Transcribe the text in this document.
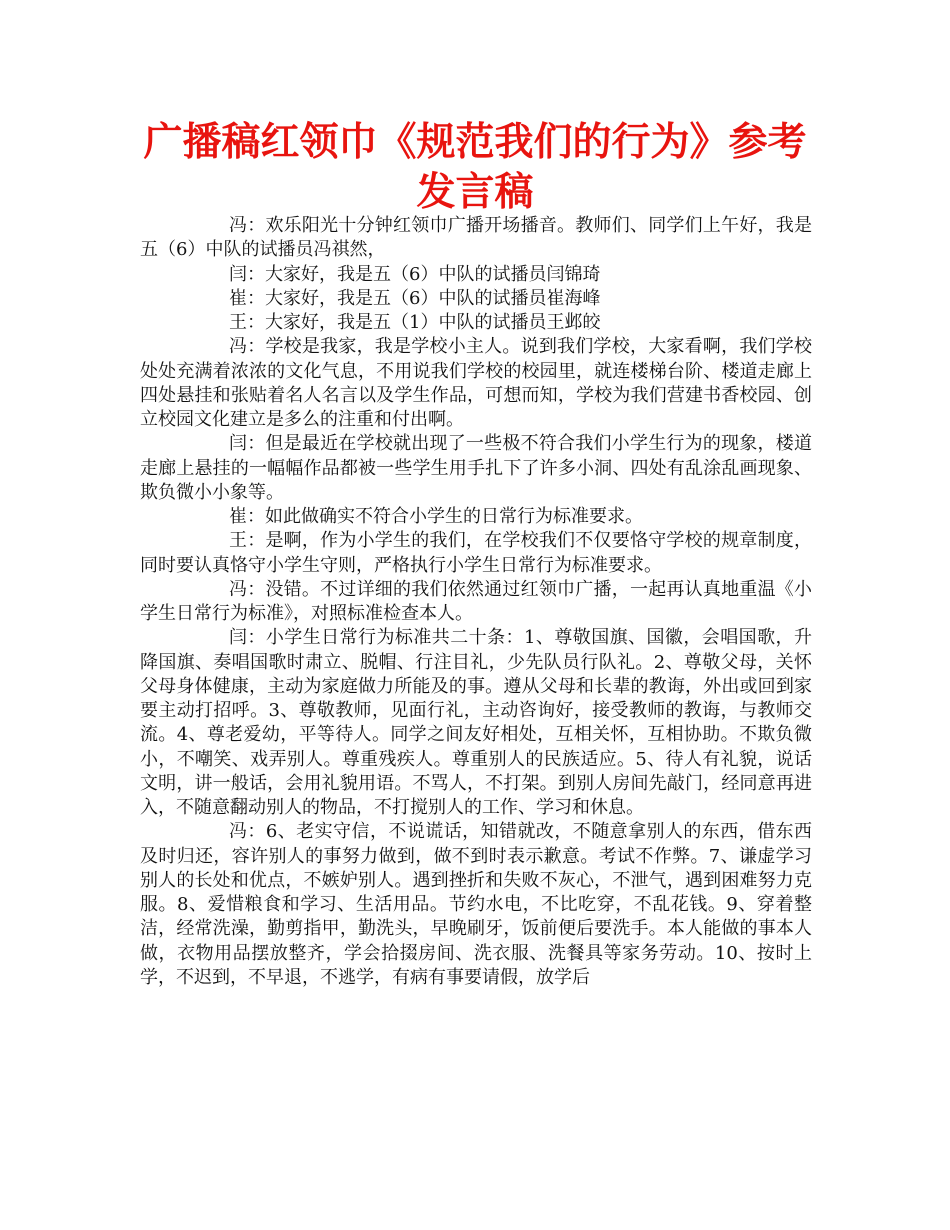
广播稿红领巾《规范我们的行为》参考发言稿

冯：欢乐阳光十分钟红领巾广播开场播音。教师们、同学们上午好，我是五（6）中队的试播员冯祺然，

闫：大家好，我是五（6）中队的试播员闫锦琦

崔：大家好，我是五（6）中队的试播员崔海峰

王：大家好，我是五（1）中队的试播员王邺皎

冯：学校是我家，我是学校小主人。说到我们学校，大家看啊，我们学校处处充满着浓浓的文化气息，不用说我们学校的校园里，就连楼梯台阶、楼道走廊上四处悬挂和张贴着名人名言以及学生作品，可想而知，学校为我们营建书香校园、创立校园文化建立是多么的注重和付出啊。

闫：但是最近在学校就出现了一些极不符合我们小学生行为的现象，楼道走廊上悬挂的一幅幅作品都被一些学生用手扎下了许多小洞、四处有乱涂乱画现象、欺负微小小象等。

崔：如此做确实不符合小学生的日常行为标准要求。

王：是啊，作为小学生的我们，在学校我们不仅要恪守学校的规章制度，同时要认真恪守小学生守则，严格执行小学生日常行为标准要求。

冯：没错。不过详细的我们依然通过红领巾广播，一起再认真地重温《小学生日常行为标准》，对照标准检查本人。

闫：小学生日常行为标准共二十条：1、尊敬国旗、国徽，会唱国歌，升降国旗、奏唱国歌时肃立、脱帽、行注目礼，少先队员行队礼。2、尊敬父母，关怀父母身体健康，主动为家庭做力所能及的事。遵从父母和长辈的教诲，外出或回到家要主动打招呼。3、尊敬教师，见面行礼，主动咨询好，接受教师的教诲，与教师交流。4、尊老爱幼，平等待人。同学之间友好相处，互相关怀，互相协助。不欺负微小，不嘲笑、戏弄别人。尊重残疾人。尊重别人的民族适应。5、待人有礼貌，说话文明，讲一般话，会用礼貌用语。不骂人，不打架。到别人房间先敲门，经同意再进入，不随意翻动别人的物品，不打搅别人的工作、学习和休息。

冯：6、老实守信，不说谎话，知错就改，不随意拿别人的东西，借东西及时归还，容许别人的事努力做到，做不到时表示歉意。考试不作弊。7、谦虚学习别人的长处和优点，不嫉妒别人。遇到挫折和失败不灰心，不泄气，遇到困难努力克服。8、爱惜粮食和学习、生活用品。节约水电，不比吃穿，不乱花钱。9、穿着整洁，经常洗澡，勤剪指甲，勤洗头，早晚刷牙，饭前便后要洗手。本人能做的事本人做，衣物用品摆放整齐，学会拾掇房间、洗衣服、洗餐具等家务劳动。10、按时上学，不迟到，不早退，不逃学，有病有事要请假，放学后
